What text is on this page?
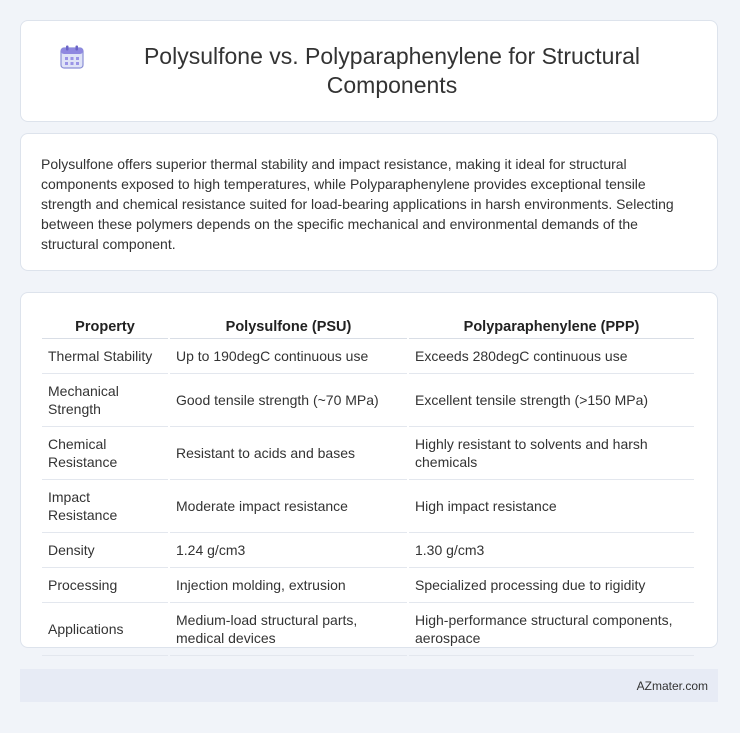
Polysulfone vs. Polyparaphenylene for Structural Components

Polysulfone offers superior thermal stability and impact resistance, making it ideal for structural components exposed to high temperatures, while Polyparaphenylene provides exceptional tensile strength and chemical resistance suited for load-bearing applications in harsh environments. Selecting between these polymers depends on the specific mechanical and environmental demands of the structural component.

Property	Polysulfone (PSU)	Polyparaphenylene (PPP)
Thermal Stability	Up to 190degC continuous use	Exceeds 280degC continuous use
Mechanical Strength	Good tensile strength (~70 MPa)	Excellent tensile strength (>150 MPa)
Chemical Resistance	Resistant to acids and bases	Highly resistant to solvents and harsh chemicals
Impact Resistance	Moderate impact resistance	High impact resistance
Density	1.24 g/cm3	1.30 g/cm3
Processing	Injection molding, extrusion	Specialized processing due to rigidity
Applications	Medium-load structural parts, medical devices	High-performance structural components, aerospace
AZmater.com
